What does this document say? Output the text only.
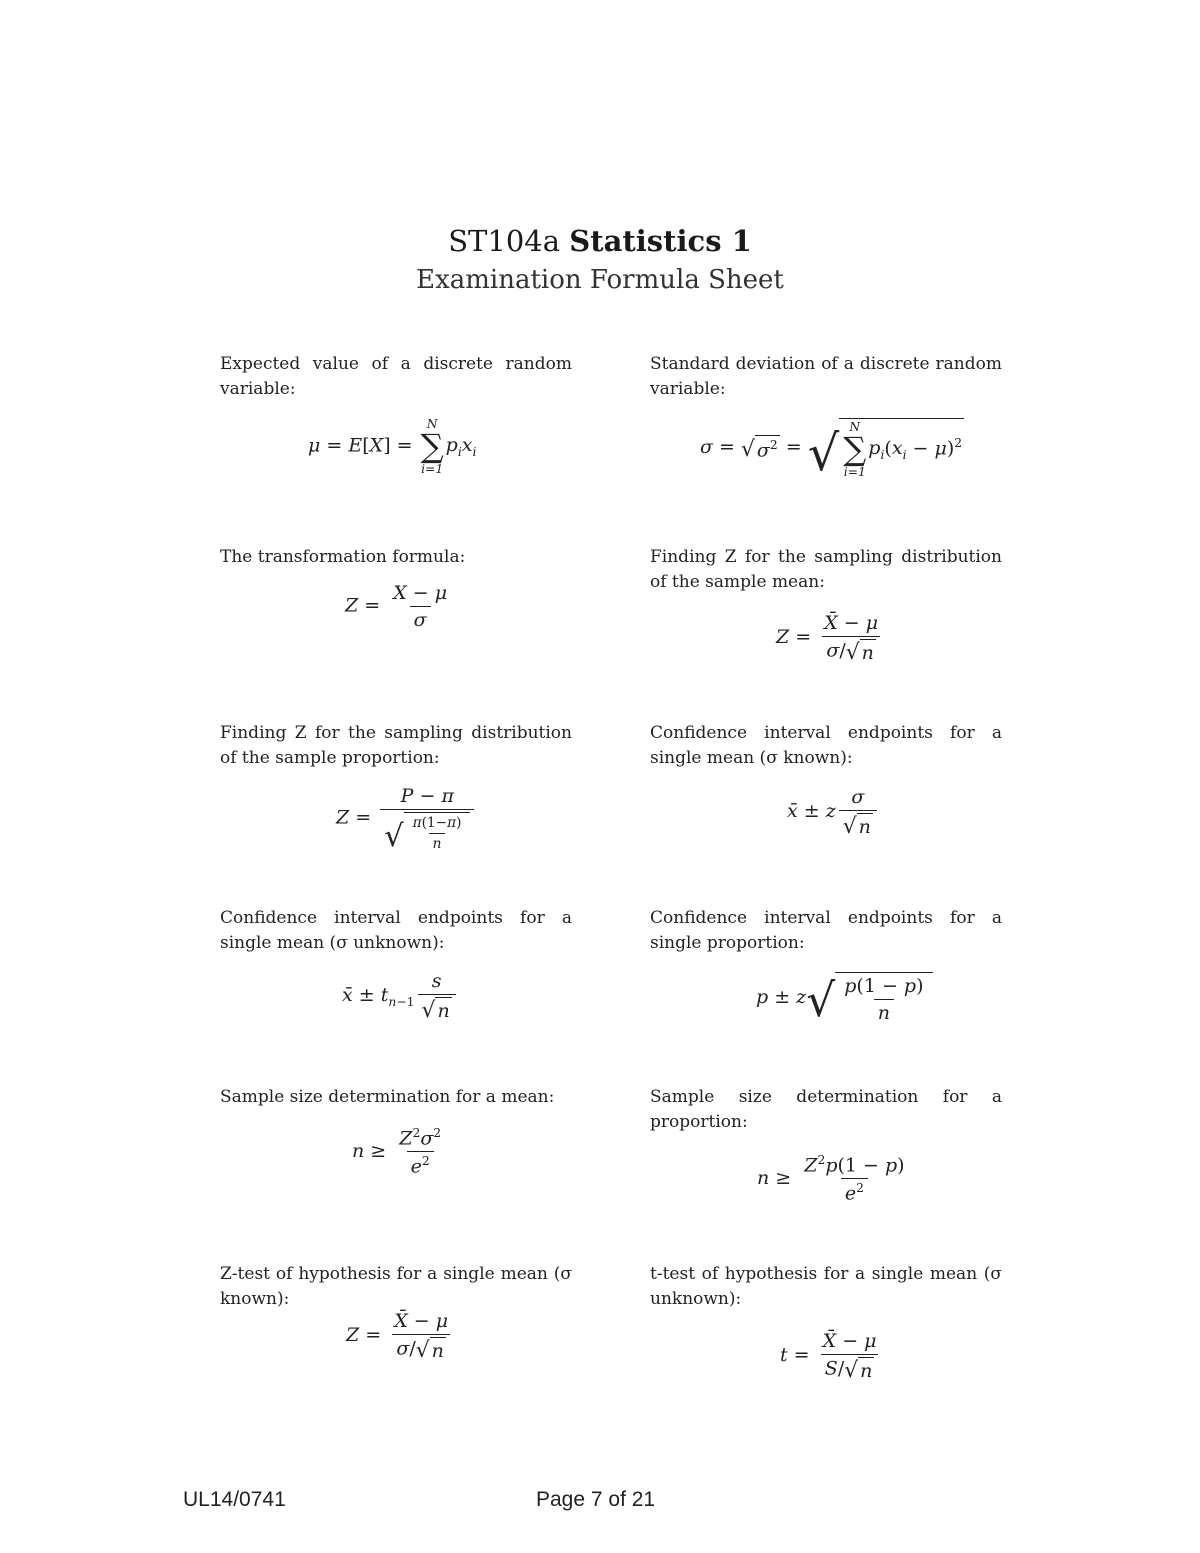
ST104a Statistics 1
Examination Formula Sheet
Expected value of a discrete random variable:
μ = E[X] =
N
∑
i=1
$p_ix_i$
Standard deviation of a discrete random variable:
σ = √ $\sigma^2$ = √ N
∑
i=1
$p_i(x_i - \mu)^2$
The transformation formula:
$Z = \frac{X - \mu}{\sigma}$
Finding Z for the sampling distribution of the sample mean:
$Z = \frac{X̄ - \mu}{\sigma/ √ n}$
Finding Z for the sampling distribution of the sample proportion:
$Z = \frac{P - \pi}{√ \frac{\pi(1-\pi)}{n}}$
Confidence interval endpoints for a single mean (σ known):
x̄ ± z $\frac{\sigma}{√ n}$
Confidence interval endpoints for a single mean (σ unknown):
x̄ ± $t_{n-1} \frac{s}{√ n}$
Confidence interval endpoints for a single proportion:
p ± z √ $\frac{p(1 - p)}{n}$
Sample size determination for a mean:
$n \ge \frac{Z^2\sigma^2}{e^2}$
Sample size determination for a proportion:
$n \ge \frac{Z^2p(1 - p)}{e^2}$
Z-test of hypothesis for a single mean (σ known):
$Z = \frac{X̄ - \mu}{\sigma/ √ n}$
t-test of hypothesis for a single mean (σ unknown):
$t = \frac{X̄ - \mu}{S/ √ n}$
UL14/0741	Page 7 of 21
